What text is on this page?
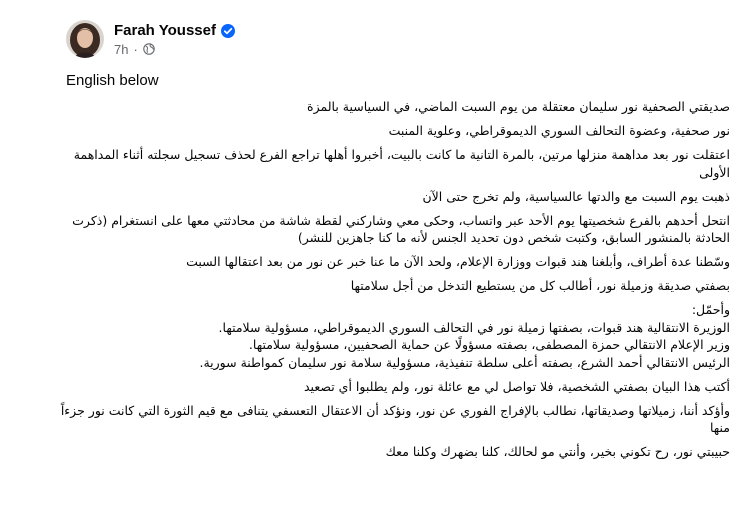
Farah Youssef
7h ·
English below

صديقتي الصحفية نور سليمان معتقلة من يوم السبت الماضي، في السياسية بالمزة

نور صحفية، وعضوة التحالف السوري الديموقراطي، وعلوية المنبت

اعتقلت نور بعد مداهمة منزلها مرتين، بالمرة التانية ما كانت بالبيت، أخبروا أهلها تراجع الفرع لحذف تسجيل سجلته أثناء المداهمة الأولى

ذهبت يوم السبت مع والدتها عالسياسية، ولم تخرج حتى الآن

انتحل أحدهم بالفرع شخصيتها يوم الأحد عبر واتساب، وحكى معي وشاركني لقطة شاشة من محادثتي معها على انستغرام (ذكرت الحادثة بالمنشور السابق، وكتبت شخص دون تحديد الجنس لأنه ما كنا جاهزين للنشر)

وسّطنا عدة أطراف، وأبلغنا هند قبوات ووزارة الإعلام، ولحد الآن ما عنا خبر عن نور من بعد اعتقالها السبت

بصفتي صديقة وزميلة نور، أطالب كل من يستطيع التدخل من أجل سلامتها

وأحمّل:

الوزيرة الانتقالية هند قبوات، بصفتها زميلة نور في التحالف السوري الديموقراطي، مسؤولية سلامتها.

وزير الإعلام الانتقالي حمزة المصطفى، بصفته مسؤولًا عن حماية الصحفيين، مسؤولية سلامتها.

الرئيس الانتقالي أحمد الشرع، بصفته أعلى سلطة تنفيذية، مسؤولية سلامة نور سليمان كمواطنة سورية.

أكتب هذا البيان بصفتي الشخصية، فلا تواصل لي مع عائلة نور، ولم يطلبوا أي تصعيد

وأؤكد أننا، زميلاتها وصديقاتها، نطالب بالإفراج الفوري عن نور، ونؤكد أن الاعتقال التعسفي يتنافى مع قيم الثورة التي كانت نور جزءاً منها

حبيبتي نور، رح تكوني بخير، وأنتي مو لحالك، كلنا بضهرك وكلنا معك
